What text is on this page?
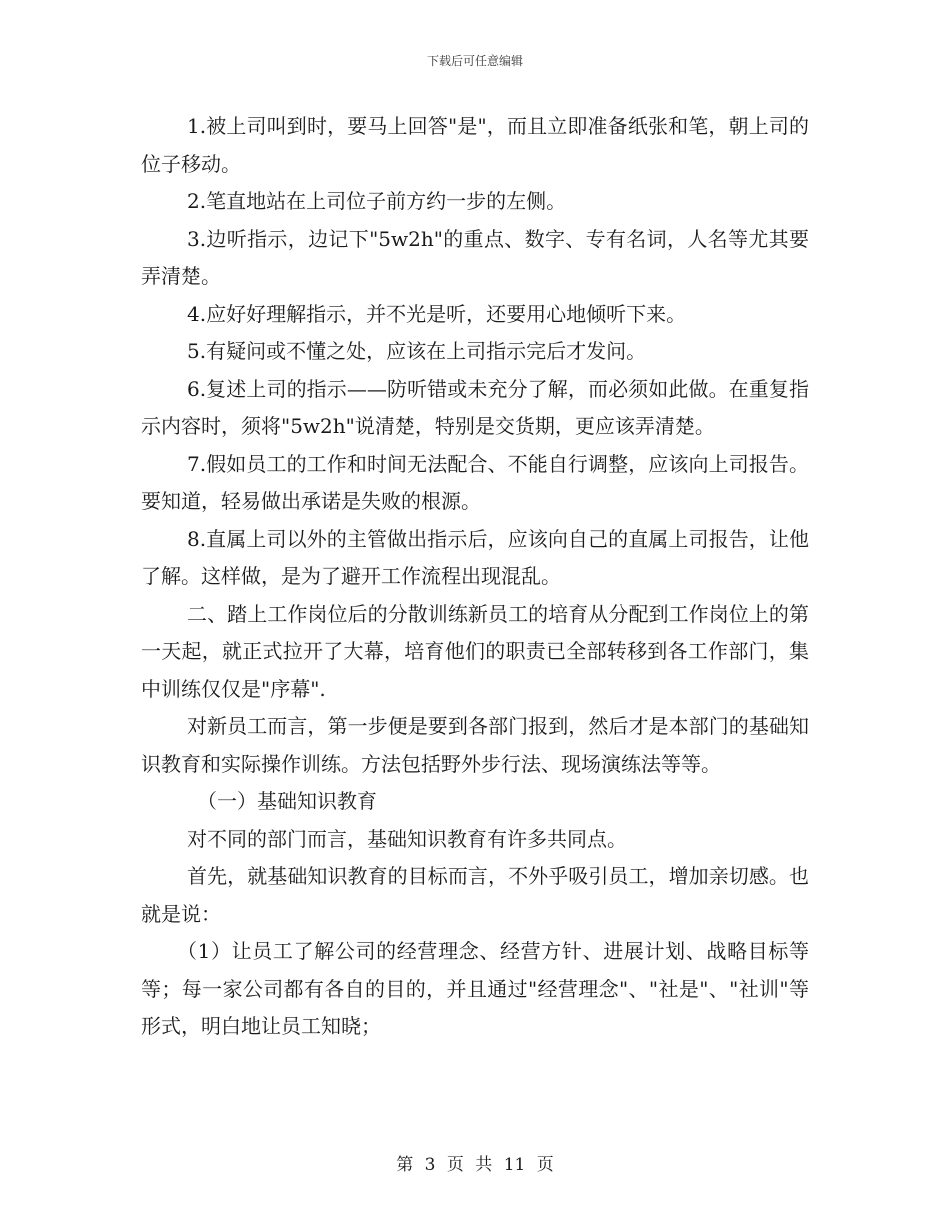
下载后可任意编辑

1.被上司叫到时，要马上回答"是"，而且立即准备纸张和笔，朝上司的位子移动。

2.笔直地站在上司位子前方约一步的左侧。

3.边听指示，边记下"5w2h"的重点、数字、专有名词，人名等尤其要弄清楚。

4.应好好理解指示，并不光是听，还要用心地倾听下来。

5.有疑问或不懂之处，应该在上司指示完后才发问。

6.复述上司的指示——防听错或未充分了解，而必须如此做。在重复指示内容时，须将"5w2h"说清楚，特别是交货期，更应该弄清楚。

7.假如员工的工作和时间无法配合、不能自行调整，应该向上司报告。要知道，轻易做出承诺是失败的根源。

8.直属上司以外的主管做出指示后，应该向自己的直属上司报告，让他了解。这样做，是为了避开工作流程出现混乱。

二、踏上工作岗位后的分散训练新员工的培育从分配到工作岗位上的第一天起，就正式拉开了大幕，培育他们的职责已全部转移到各工作部门，集中训练仅仅是"序幕".

对新员工而言，第一步便是要到各部门报到，然后才是本部门的基础知识教育和实际操作训练。方法包括野外步行法、现场演练法等等。

（一）基础知识教育

对不同的部门而言，基础知识教育有许多共同点。

首先，就基础知识教育的目标而言，不外乎吸引员工，增加亲切感。也就是说：

（1）让员工了解公司的经营理念、经营方针、进展计划、战略目标等等；每一家公司都有各自的目的，并且通过"经营理念"、"社是"、"社训"等形式，明白地让员工知晓；

第 3 页 共 11 页
